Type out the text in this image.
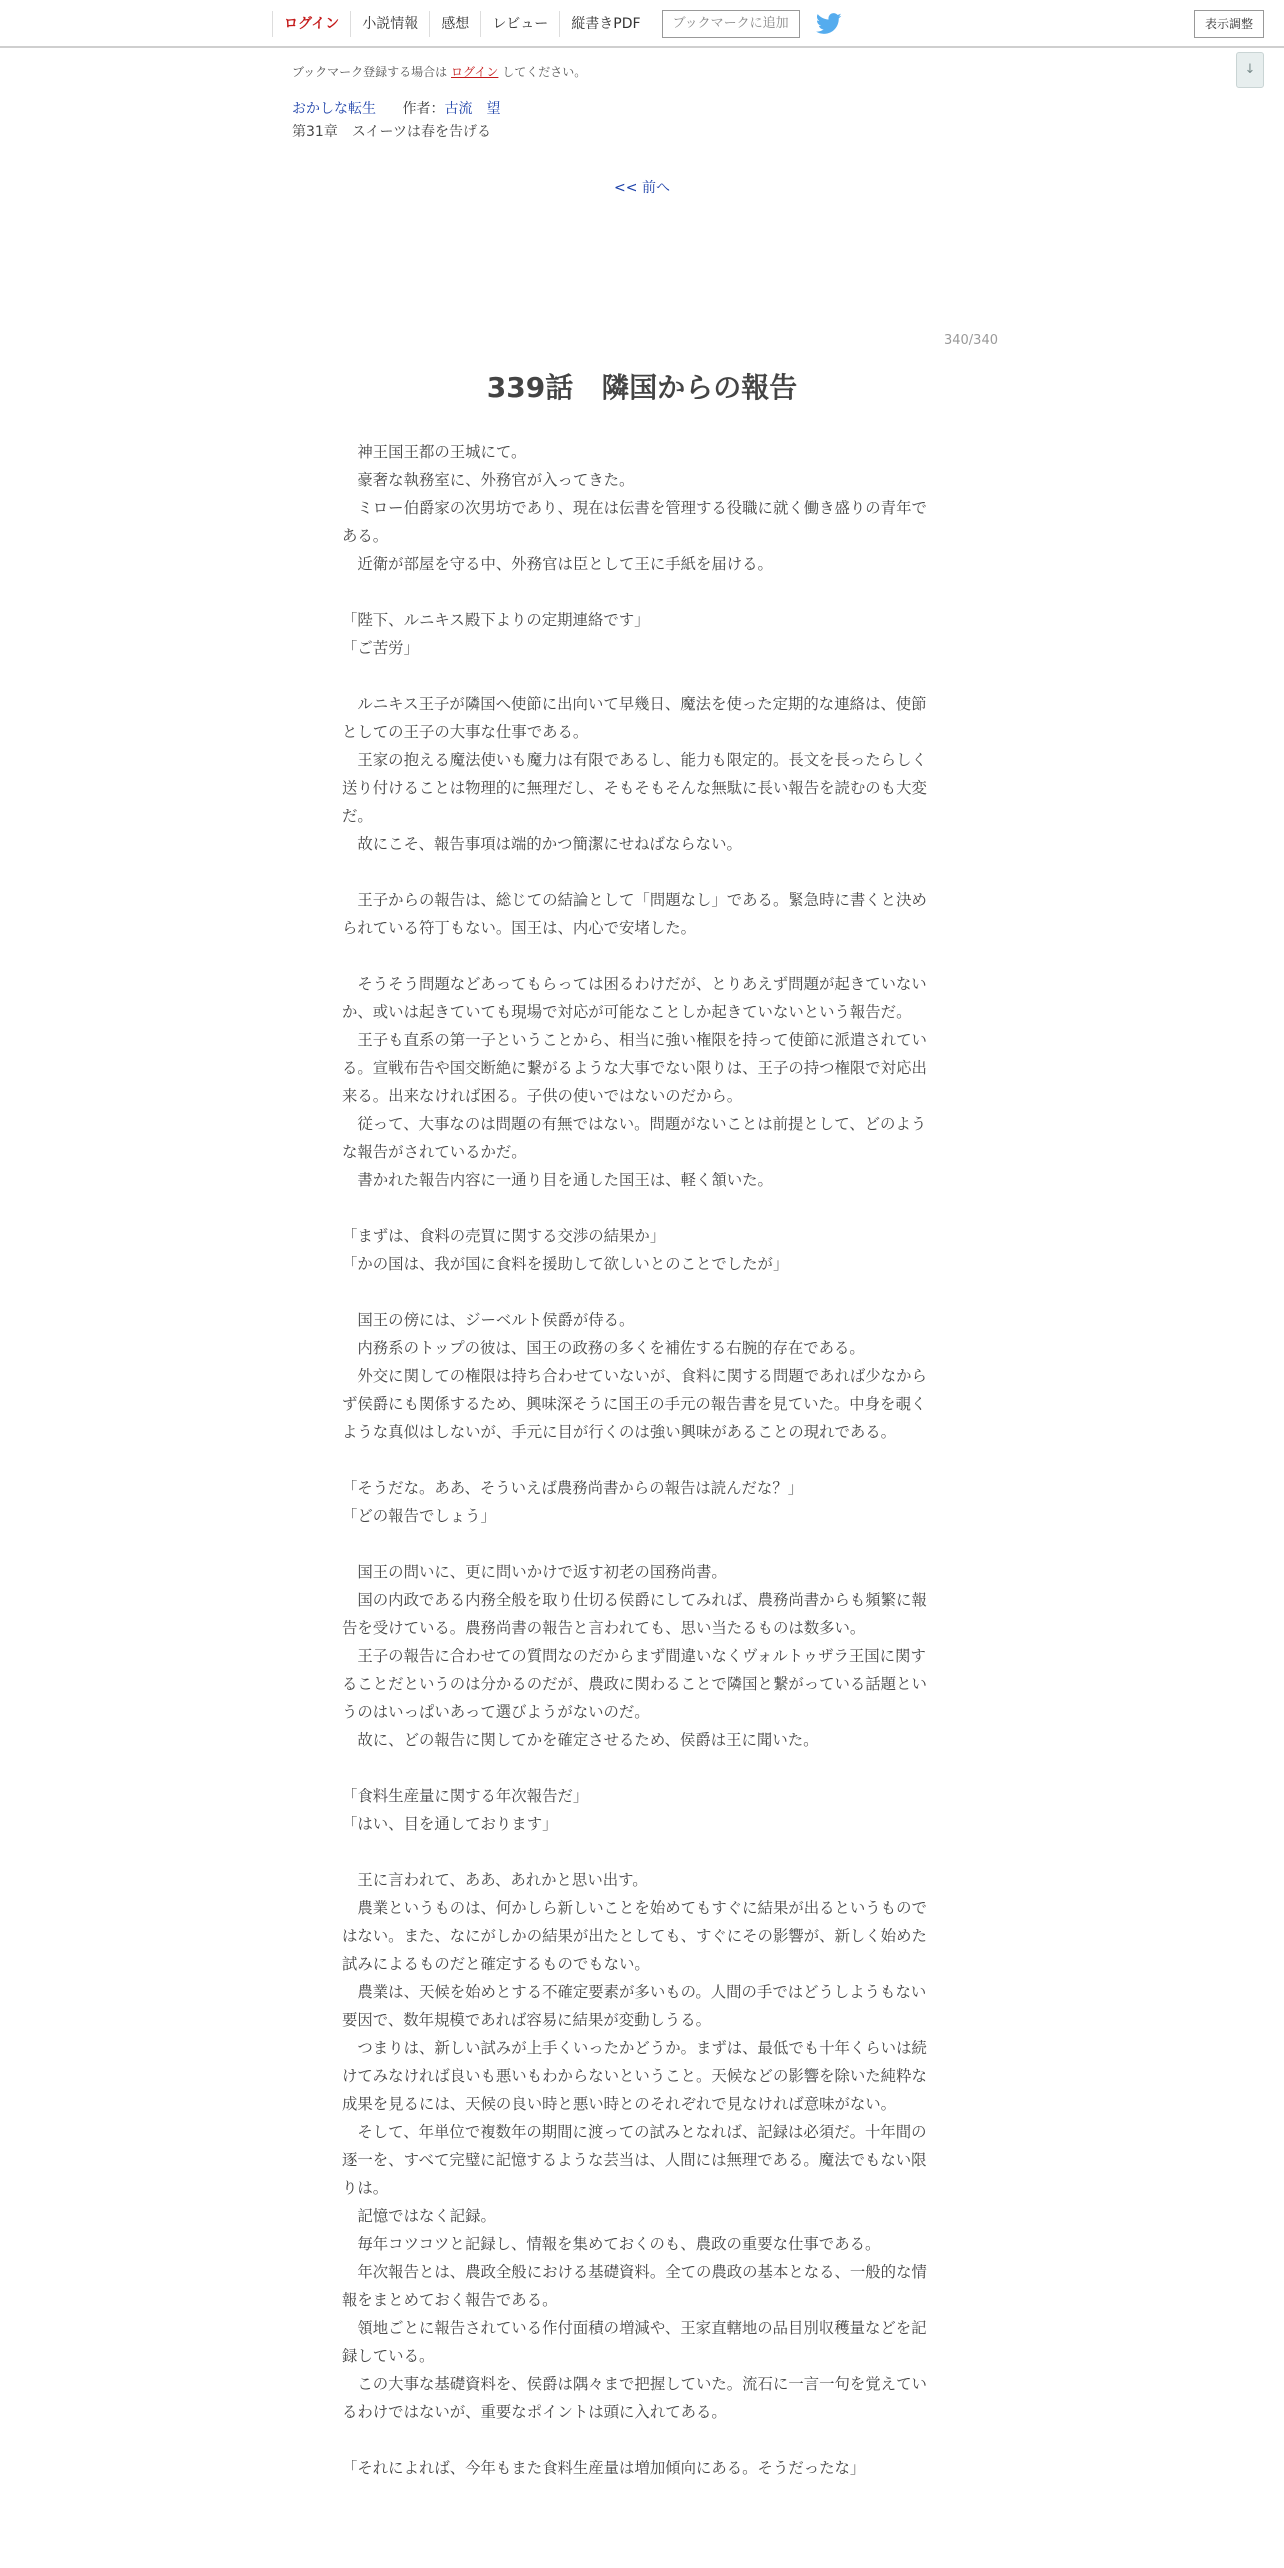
ログイン	小説情報	感想	レビュー	縦書きPDF	ブックマークに追加	表示調整
↓
ブックマーク登録する場合は ログイン してください。
おかしな転生 作者：古流　望
第31章　スイーツは春を告げる
<< 前へ
340/340
339話　隣国からの報告

　神王国王都の王城にて。

　豪奢な執務室に、外務官が入ってきた。

　ミロー伯爵家の次男坊であり、現在は伝書を管理する役職に就く働き盛りの青年である。

　近衛が部屋を守る中、外務官は臣として王に手紙を届ける。

「陛下、ルニキス殿下よりの定期連絡です」

「ご苦労」

　ルニキス王子が隣国へ使節に出向いて早幾日、魔法を使った定期的な連絡は、使節としての王子の大事な仕事である。

　王家の抱える魔法使いも魔力は有限であるし、能力も限定的。長文を長ったらしく送り付けることは物理的に無理だし、そもそもそんな無駄に長い報告を読むのも大変だ。

　故にこそ、報告事項は端的かつ簡潔にせねばならない。

　王子からの報告は、総じての結論として「問題なし」である。緊急時に書くと決められている符丁もない。国王は、内心で安堵した。

　そうそう問題などあってもらっては困るわけだが、とりあえず問題が起きていないか、或いは起きていても現場で対応が可能なことしか起きていないという報告だ。

　王子も直系の第一子ということから、相当に強い権限を持って使節に派遣されている。宣戦布告や国交断絶に繋がるような大事でない限りは、王子の持つ権限で対応出来る。出来なければ困る。子供の使いではないのだから。

　従って、大事なのは問題の有無ではない。問題がないことは前提として、どのような報告がされているかだ。

　書かれた報告内容に一通り目を通した国王は、軽く頷いた。

「まずは、食料の売買に関する交渉の結果か」

「かの国は、我が国に食料を援助して欲しいとのことでしたが」

　国王の傍には、ジーベルト侯爵が侍る。

　内務系のトップの彼は、国王の政務の多くを補佐する右腕的存在である。

　外交に関しての権限は持ち合わせていないが、食料に関する問題であれば少なからず侯爵にも関係するため、興味深そうに国王の手元の報告書を見ていた。中身を覗くような真似はしないが、手元に目が行くのは強い興味があることの現れである。

「そうだな。ああ、そういえば農務尚書からの報告は読んだな？」

「どの報告でしょう」

　国王の問いに、更に問いかけで返す初老の国務尚書。

　国の内政である内務全般を取り仕切る侯爵にしてみれば、農務尚書からも頻繁に報告を受けている。農務尚書の報告と言われても、思い当たるものは数多い。

　王子の報告に合わせての質問なのだからまず間違いなくヴォルトゥザラ王国に関することだというのは分かるのだが、農政に関わることで隣国と繋がっている話題というのはいっぱいあって選びようがないのだ。

　故に、どの報告に関してかを確定させるため、侯爵は王に聞いた。

「食料生産量に関する年次報告だ」

「はい、目を通しております」

　王に言われて、ああ、あれかと思い出す。

　農業というものは、何かしら新しいことを始めてもすぐに結果が出るというものではない。また、なにがしかの結果が出たとしても、すぐにその影響が、新しく始めた試みによるものだと確定するものでもない。

　農業は、天候を始めとする不確定要素が多いもの。人間の手ではどうしようもない要因で、数年規模であれば容易に結果が変動しうる。

　つまりは、新しい試みが上手くいったかどうか。まずは、最低でも十年くらいは続けてみなければ良いも悪いもわからないということ。天候などの影響を除いた純粋な成果を見るには、天候の良い時と悪い時とのそれぞれで見なければ意味がない。

　そして、年単位で複数年の期間に渡っての試みとなれば、記録は必須だ。十年間の逐一を、すべて完璧に記憶するような芸当は、人間には無理である。魔法でもない限りは。

　記憶ではなく記録。

　毎年コツコツと記録し、情報を集めておくのも、農政の重要な仕事である。

　年次報告とは、農政全般における基礎資料。全ての農政の基本となる、一般的な情報をまとめておく報告である。

　領地ごとに報告されている作付面積の増減や、王家直轄地の品目別収穫量などを記録している。

　この大事な基礎資料を、侯爵は隅々まで把握していた。流石に一言一句を覚えているわけではないが、重要なポイントは頭に入れてある。

「それによれば、今年もまた食料生産量は増加傾向にある。そうだったな」
